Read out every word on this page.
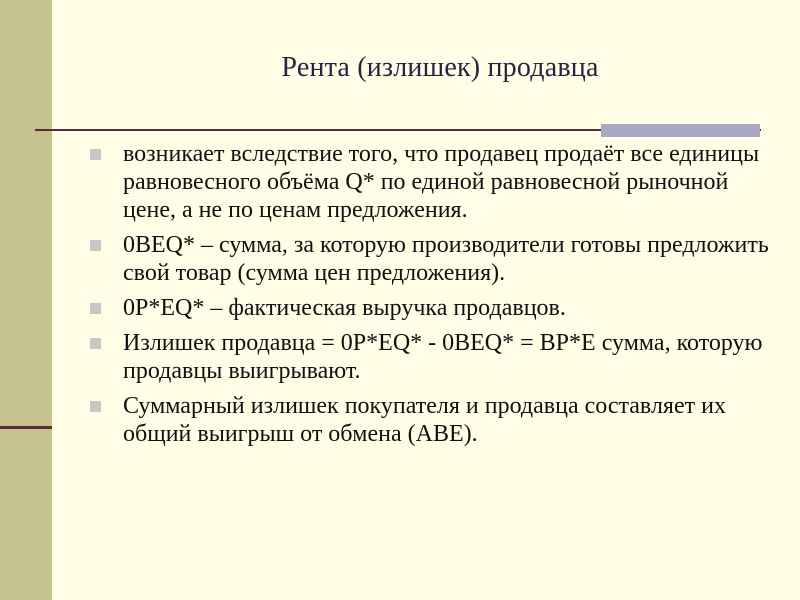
Рента (излишек) продавца
возникает вследствие того, что продавец продаёт все единицы равновесного объёма Q* по единой равновесной рыночной цене, а не по ценам предложения.
0BEQ* – сумма, за которую производители готовы предложить свой товар (сумма цен предложения).
0P*EQ* – фактическая выручка продавцов.
Излишек продавца = 0P*EQ* - 0BEQ* = BP*E сумма, которую продавцы выигрывают.
Суммарный излишек покупателя и продавца составляет их общий выигрыш от обмена (ABE).
